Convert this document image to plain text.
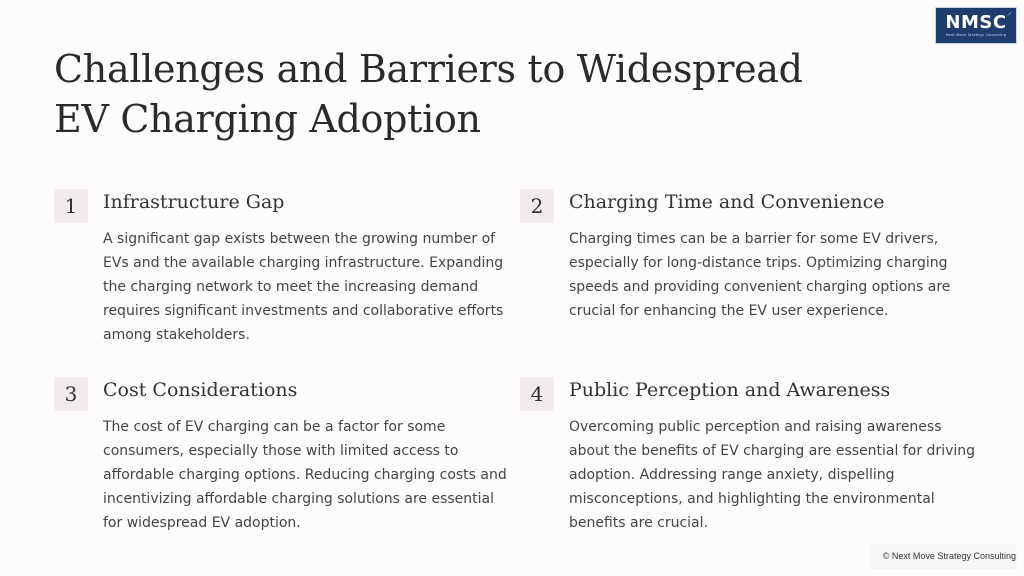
Challenges and Barriers to Widespread EV Charging Adoption
NMSC
Next Move Strategy Consulting
1	Infrastructure Gap

A significant gap exists between the growing number of EVs and the available charging infrastructure. Expanding the charging network to meet the increasing demand requires significant investments and collaborative efforts among stakeholders.

2	Charging Time and Convenience

Charging times can be a barrier for some EV drivers, especially for long-distance trips. Optimizing charging speeds and providing convenient charging options are crucial for enhancing the EV user experience.

3	Cost Considerations

The cost of EV charging can be a factor for some consumers, especially those with limited access to affordable charging options. Reducing charging costs and incentivizing affordable charging solutions are essential for widespread EV adoption.

4	Public Perception and Awareness

Overcoming public perception and raising awareness about the benefits of EV charging are essential for driving adoption. Addressing range anxiety, dispelling misconceptions, and highlighting the environmental benefits are crucial.

© Next Move Strategy Consulting
